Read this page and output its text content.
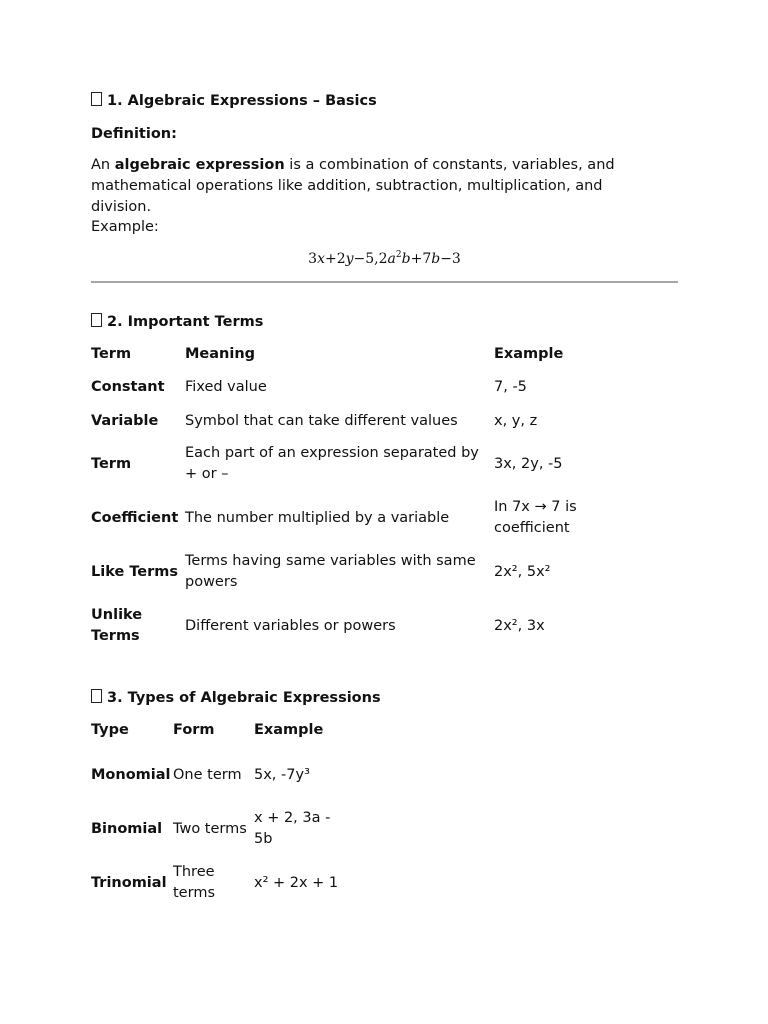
1. Algebraic Expressions – Basics
Definition:

An algebraic expression is a combination of constants, variables, and mathematical operations like addition, subtraction, multiplication, and division.

Example:
$3x+2y-5,2a^2b+7b-3$
2. Important Terms
Term	Meaning	Example
Constant	Fixed value	7, -5
Variable	Symbol that can take different values	x, y, z
Term	Each part of an expression separated by + or –	3x, 2y, -5
Coefficient	The number multiplied by a variable	In 7x → 7 is coefficient
Like Terms	Terms having same variables with same powers	2x², 5x²
Unlike Terms	Different variables or powers	2x², 3x
3. Types of Algebraic Expressions
Type	Form	Example
Monomial	One term	5x, -7y³
Binomial	Two terms	x + 2, 3a - 5b
Trinomial	Three terms	x² + 2x + 1
